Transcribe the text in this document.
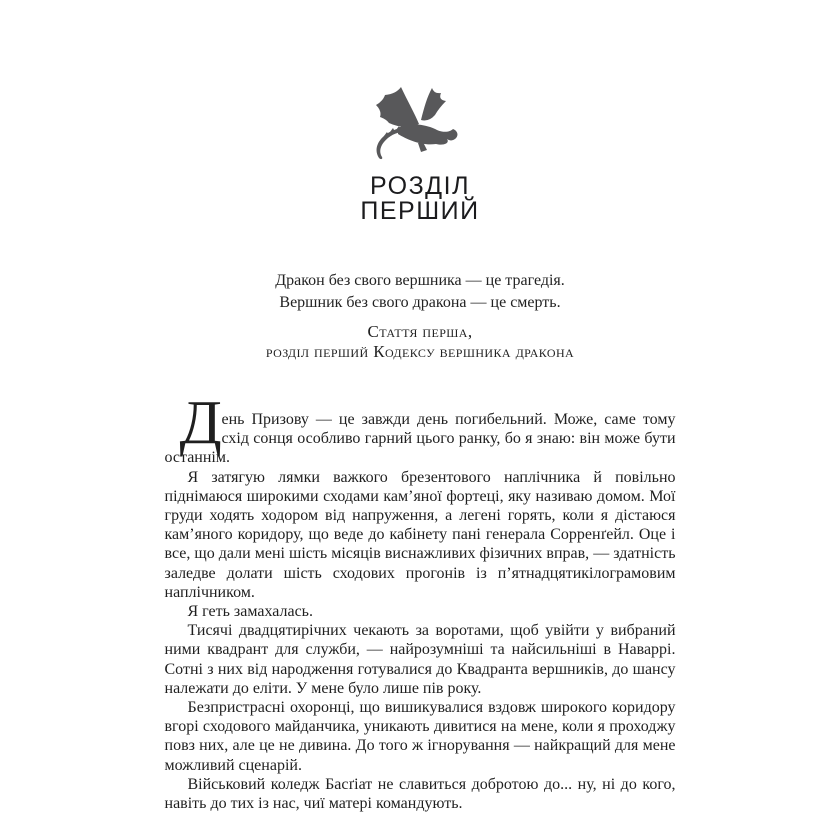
РОЗДІЛ
ПЕРШИЙ
Дракон без свого вершника — це трагедія.
Вершник без свого дракона — це смерть.
Стаття перша,
розділ перший Кодексу вершника дракона

День Призову — це завжди день погибельний. Може, саме тому схід сонця особливо гарний цього ранку, бо я знаю: він може бути останнім.

Я затягую лямки важкого брезентового наплічника й повільно піднімаюся широкими сходами кам’яної фортеці, яку називаю домом. Мої груди ходять ходором від напруження, а легені горять, коли я дістаюся кам’яного коридору, що веде до кабінету пані генерала Сорренґейл. Оце і все, що дали мені шість місяців виснажливих фізичних вправ, — здатність заледве долати шість сходових прогонів із п’ятнадцятикілограмовим наплічником.

Я геть замахалась.

Тисячі двадцятирічних чекають за воротами, щоб увійти у вибраний ними квадрант для служби, — найрозумніші та найсильніші в Наваррі. Сотні з них від народження готувалися до Квадранта вершників, до шансу належати до еліти. У мене було лише пів року.

Безпристрасні охоронці, що вишикувалися вздовж широкого коридору вгорі сходового майданчика, уникають дивитися на мене, коли я проходжу повз них, але це не дивина. До того ж ігнорування — найкращий для мене можливий сценарій.

Військовий коледж Басґіат не славиться добротою до... ну, ні до кого, навіть до тих із нас, чиї матері командують.
